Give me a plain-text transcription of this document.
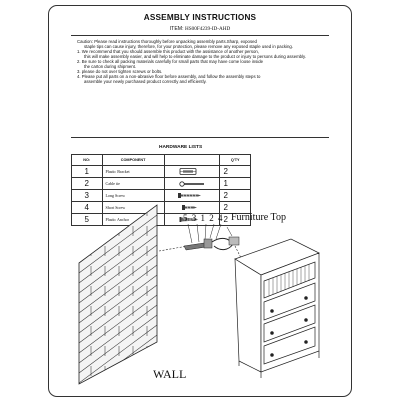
ASSEMBLY INSTRUCTIONS
ITEM: HS00F4239-ID-AHD

Caution: Please read instructions thoroughly before unpacking assembly parts.Sharp, exposed
staple tips can cause injury, therefore, for your protection, please remove any exposed staple used in packing.

1. We recommend that you should assemble this product with the assistance of another person,
this will make assembly easier, and will help to eliminate damage to the product or injury to persons during assembly.

2. Be sure to check all packing materials carefully for small parts that may have come loose inside
the carton during shipment.

3. please do not over tighten screws or bolts.

4. Please put all parts on a non-abrasive floor before assembly, and follow the assembly steps to
assemble your newly purchased product correctly and efficiently.

HARDWARE LISTS
NO:	COMPONENT		Q'TY
1	Plastic Bracket		2
2	Cable tie		1
3	Long Screw		2
4	Short Screw		2
5	Plastic Anchor		2
5 3 1 2 4 Furniture Top
WALL
